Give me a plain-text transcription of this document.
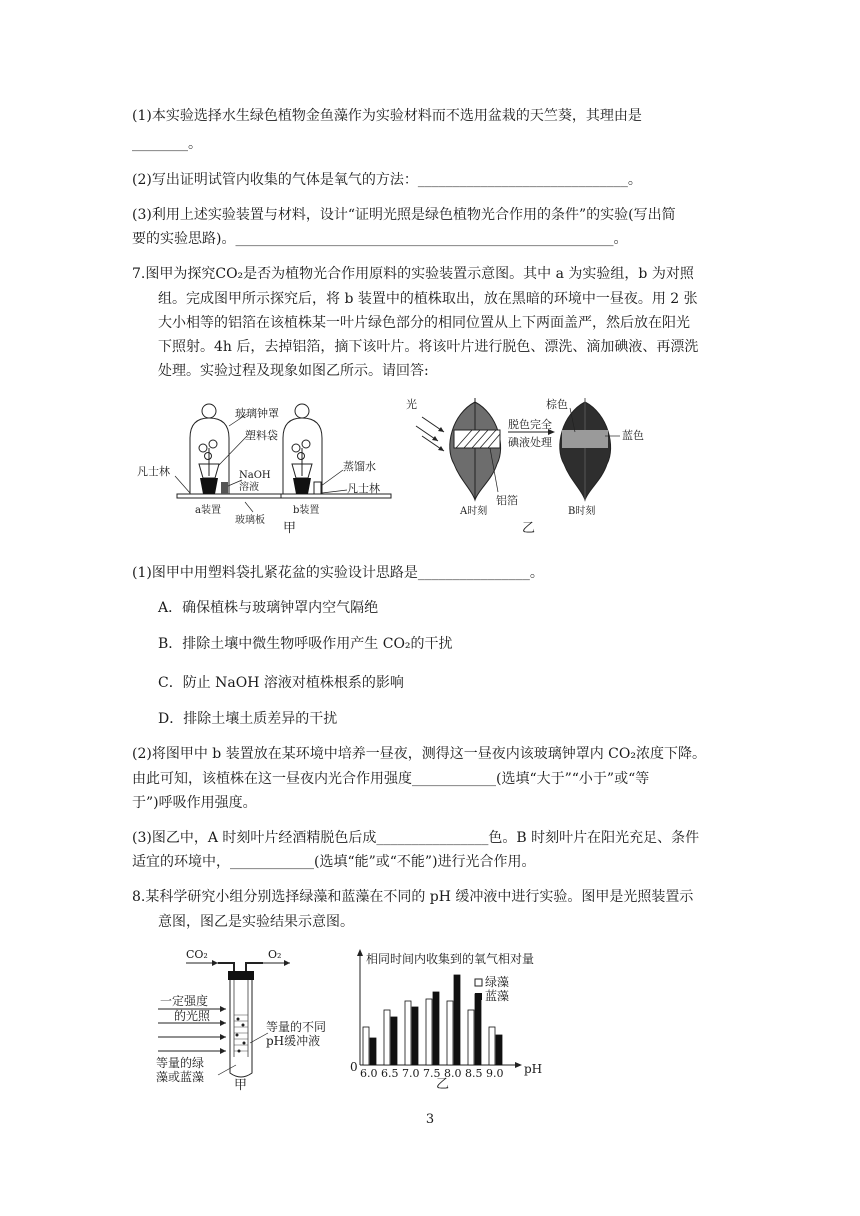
(1)本实验选择水生绿色植物金鱼藻作为实验材料而不选用盆栽的天竺葵，其理由是
________。
(2)写出证明试管内收集的气体是氧气的方法：______________________________。
(3)利用上述实验装置与材料，设计“证明光照是绿色植物光合作用的条件”的实验(写出简
要的实验思路)。______________________________________________________。
7.图甲为探究CO₂是否为植物光合作用原料的实验装置示意图。其中 a 为实验组，b 为对照
组。完成图甲所示探究后，将 b 装置中的植株取出，放在黑暗的环境中一昼夜。用 2 张
大小相等的铝箔在该植株某一叶片绿色部分的相同位置从上下两面盖严，然后放在阳光
下照射。4h 后，去掉铝箔，摘下该叶片。将该叶片进行脱色、漂洗、滴加碘液、再漂洗
处理。实验过程及现象如图乙所示。请回答:
玻璃钟罩
塑料袋
凡士林	NaOH
溶液
蒸馏水
凡士林
a装置
玻璃板
b装置
甲
光	棕色
脱色完全
碘液处理
蓝色
铝箔
A时刻	B时刻
乙
(1)图甲中用塑料袋扎紧花盆的实验设计思路是________________。
A．确保植株与玻璃钟罩内空气隔绝
B．排除土壤中微生物呼吸作用产生 CO₂的干扰
C．防止 NaOH 溶液对植株根系的影响
D．排除土壤土质差异的干扰
(2)将图甲中 b 装置放在某环境中培养一昼夜，测得这一昼夜内该玻璃钟罩内 CO₂浓度下降。
由此可知，该植株在这一昼夜内光合作用强度____________(选填“大于”“小于”或“等
于”)呼吸作用强度。
(3)图乙中，A 时刻叶片经酒精脱色后成________________色。B 时刻叶片在阳光充足、条件
适宜的环境中，____________(选填“能”或“不能”)进行光合作用。
8.某科学研究小组分别选择绿藻和蓝藻在不同的 pH 缓冲液中进行实验。图甲是光照装置示
意图，图乙是实验结果示意图。
CO₂	O₂
一定强度
的光照
等量的不同
pH缓冲液
等量的绿
藻或蓝藻
甲
相同时间内收集到的氧气相对量
0	pH
绿藻
蓝藻
6.0 6.5 7.0 7.5 8.0 8.5 9.0
乙
3
